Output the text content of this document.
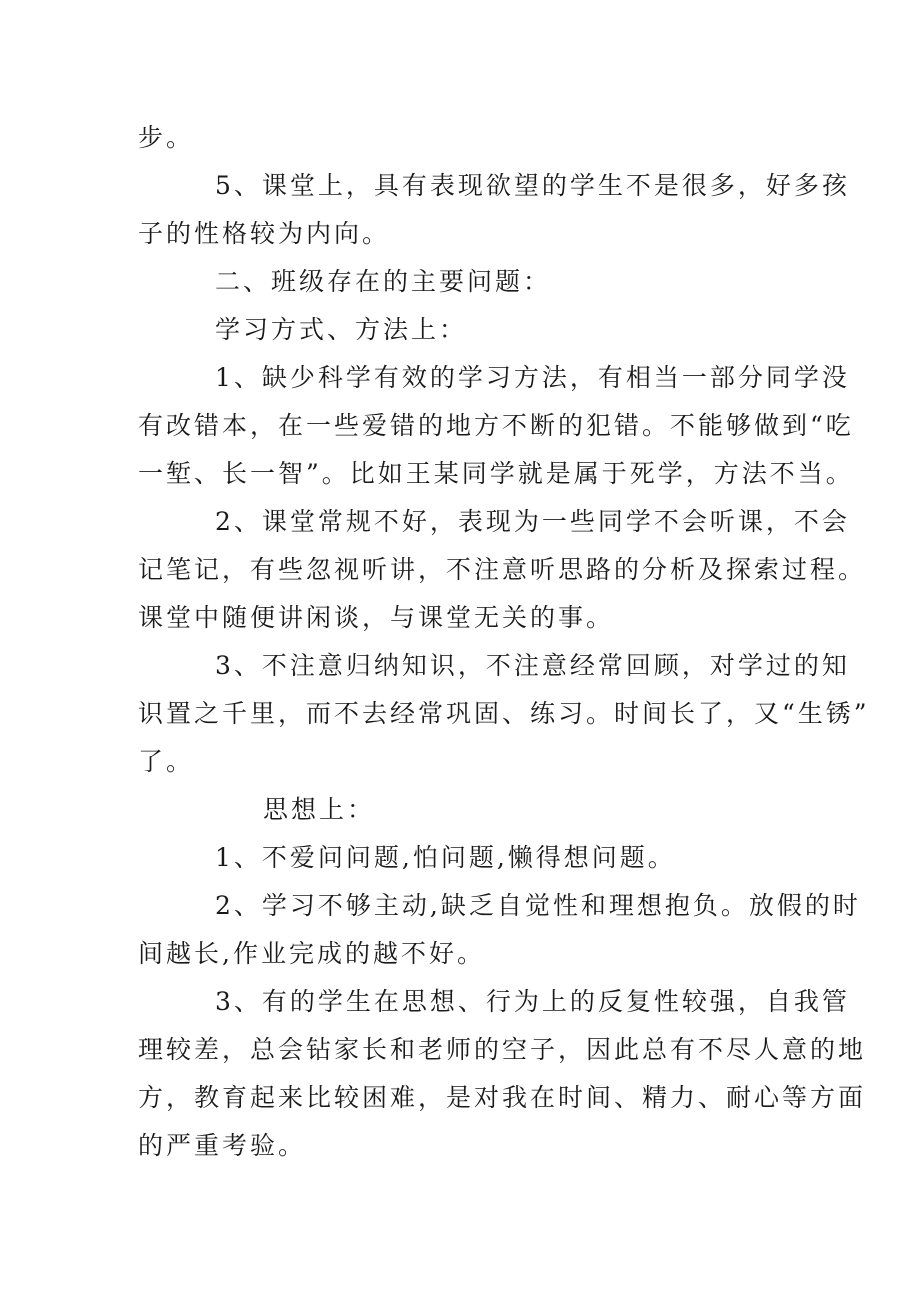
步。
5、课堂上，具有表现欲望的学生不是很多，好多孩
子的性格较为内向。
二、班级存在的主要问题：
学习方式、方法上：
1、缺少科学有效的学习方法，有相当一部分同学没
有改错本，在一些爱错的地方不断的犯错。不能够做到“吃
一堑、长一智”。比如王某同学就是属于死学，方法不当。
2、课堂常规不好，表现为一些同学不会听课，不会
记笔记，有些忽视听讲，不注意听思路的分析及探索过程。
课堂中随便讲闲谈，与课堂无关的事。
3、不注意归纳知识，不注意经常回顾，对学过的知
识置之千里，而不去经常巩固、练习。时间长了，又“生锈”
了。
思想上：
1、不爱问问题,怕问题,懒得想问题。
2、学习不够主动,缺乏自觉性和理想抱负。放假的时
间越长,作业完成的越不好。
3、有的学生在思想、行为上的反复性较强，自我管
理较差，总会钻家长和老师的空子，因此总有不尽人意的地
方，教育起来比较困难，是对我在时间、精力、耐心等方面
的严重考验。
